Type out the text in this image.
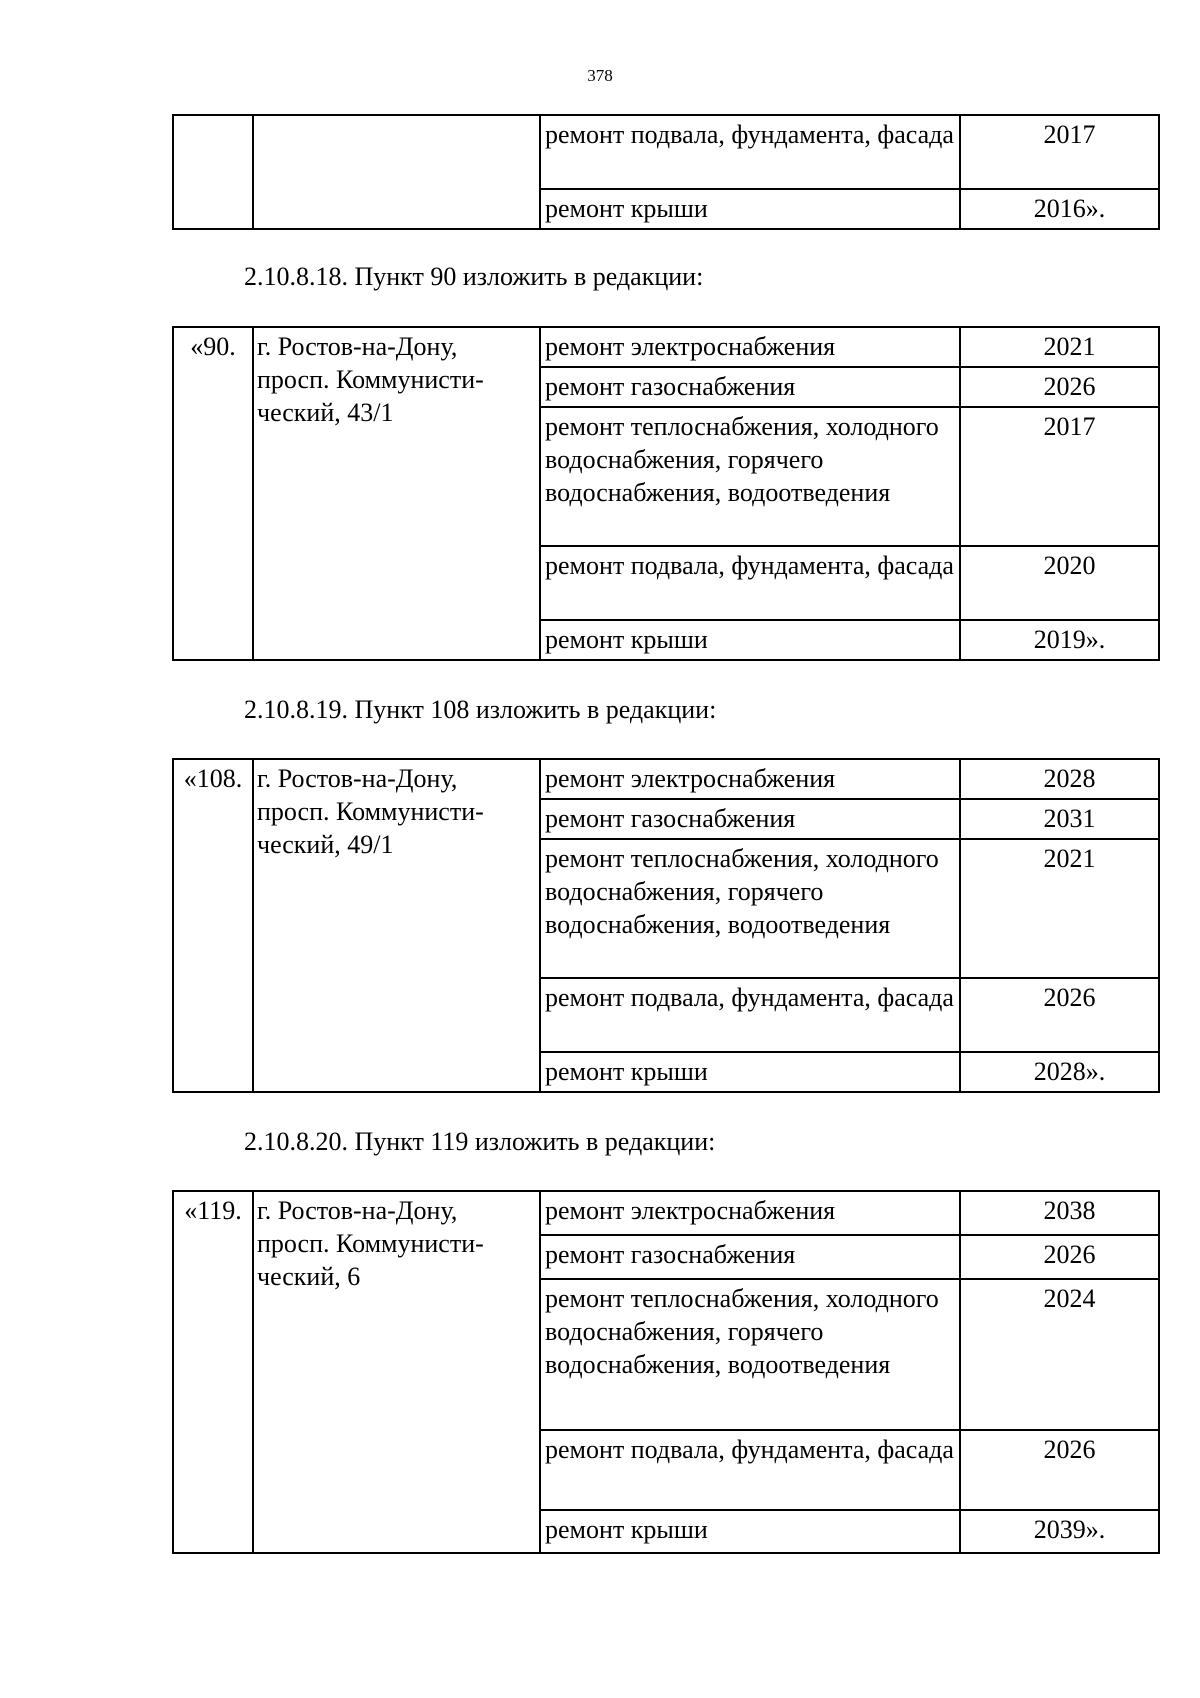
378
		ремонт подвала, фундамента, фасада	2017
		ремонт крыши	2016».
2.10.8.18. Пункт 90 изложить в редакции:
«90.	г. Ростов-на-Дону, просп. Коммунисти-ческий, 43/1	ремонт электроснабжения	2021
		ремонт газоснабжения	2026
		ремонт теплоснабжения, холодного водоснабжения, горячего водоснабжения, водоотведения	2017
		ремонт подвала, фундамента, фасада	2020
		ремонт крыши	2019».
2.10.8.19. Пункт 108 изложить в редакции:
«108.	г. Ростов-на-Дону, просп. Коммунисти-ческий, 49/1	ремонт электроснабжения	2028
		ремонт газоснабжения	2031
		ремонт теплоснабжения, холодного водоснабжения, горячего водоснабжения, водоотведения	2021
		ремонт подвала, фундамента, фасада	2026
		ремонт крыши	2028».
2.10.8.20. Пункт 119 изложить в редакции:
«119.	г. Ростов-на-Дону, просп. Коммунисти-ческий, 6	ремонт электроснабжения	2038
		ремонт газоснабжения	2026
		ремонт теплоснабжения, холодного водоснабжения, горячего водоснабжения, водоотведения	2024
		ремонт подвала, фундамента, фасада	2026
		ремонт крыши	2039».
